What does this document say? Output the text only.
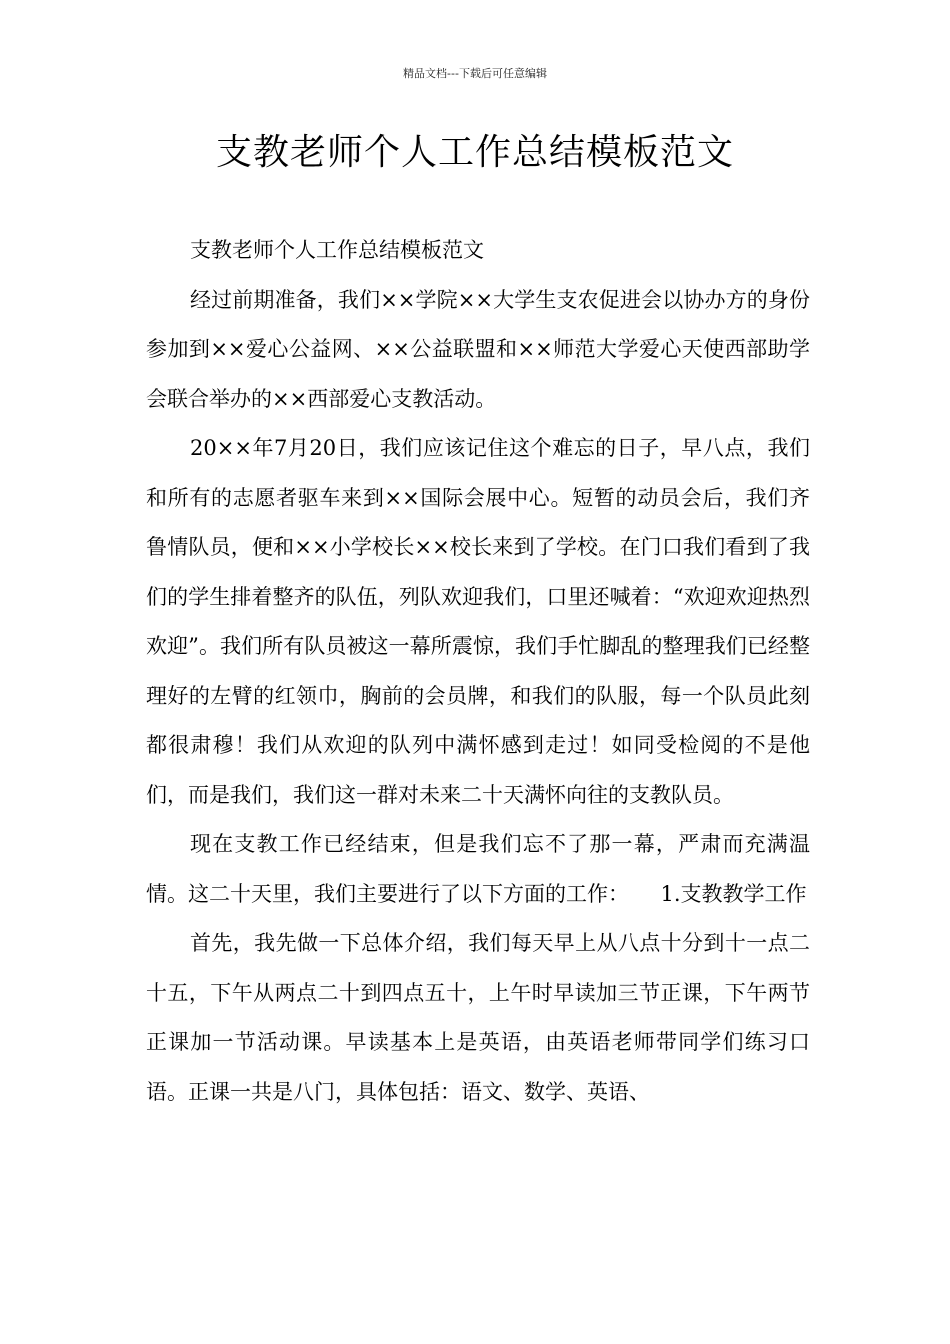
精品文档---下载后可任意编辑
支教老师个人工作总结模板范文

支教老师个人工作总结模板范文

经过前期准备，我们××学院××大学生支农促进会以协办方的身份参加到××爱心公益网、××公益联盟和××师范大学爱心天使西部助学会联合举办的××西部爱心支教活动。

20××年7月20日，我们应该记住这个难忘的日子，早八点，我们和所有的志愿者驱车来到××国际会展中心。短暂的动员会后，我们齐鲁情队员，便和××小学校长××校长来到了学校。在门口我们看到了我们的学生排着整齐的队伍，列队欢迎我们，口里还喊着：“欢迎欢迎热烈欢迎”。我们所有队员被这一幕所震惊，我们手忙脚乱的整理我们已经整理好的左臂的红领巾，胸前的会员牌，和我们的队服，每一个队员此刻都很肃穆！我们从欢迎的队列中满怀感到走过！如同受检阅的不是他们，而是我们，我们这一群对未来二十天满怀向往的支教队员。

现在支教工作已经结束，但是我们忘不了那一幕，严肃而充满温情。这二十天里，我们主要进行了以下方面的工作：　　1.支教教学工作

首先，我先做一下总体介绍，我们每天早上从八点十分到十一点二十五，下午从两点二十到四点五十，上午时早读加三节正课，下午两节正课加一节活动课。早读基本上是英语，由英语老师带同学们练习口语。正课一共是八门，具体包括：语文、数学、英语、
